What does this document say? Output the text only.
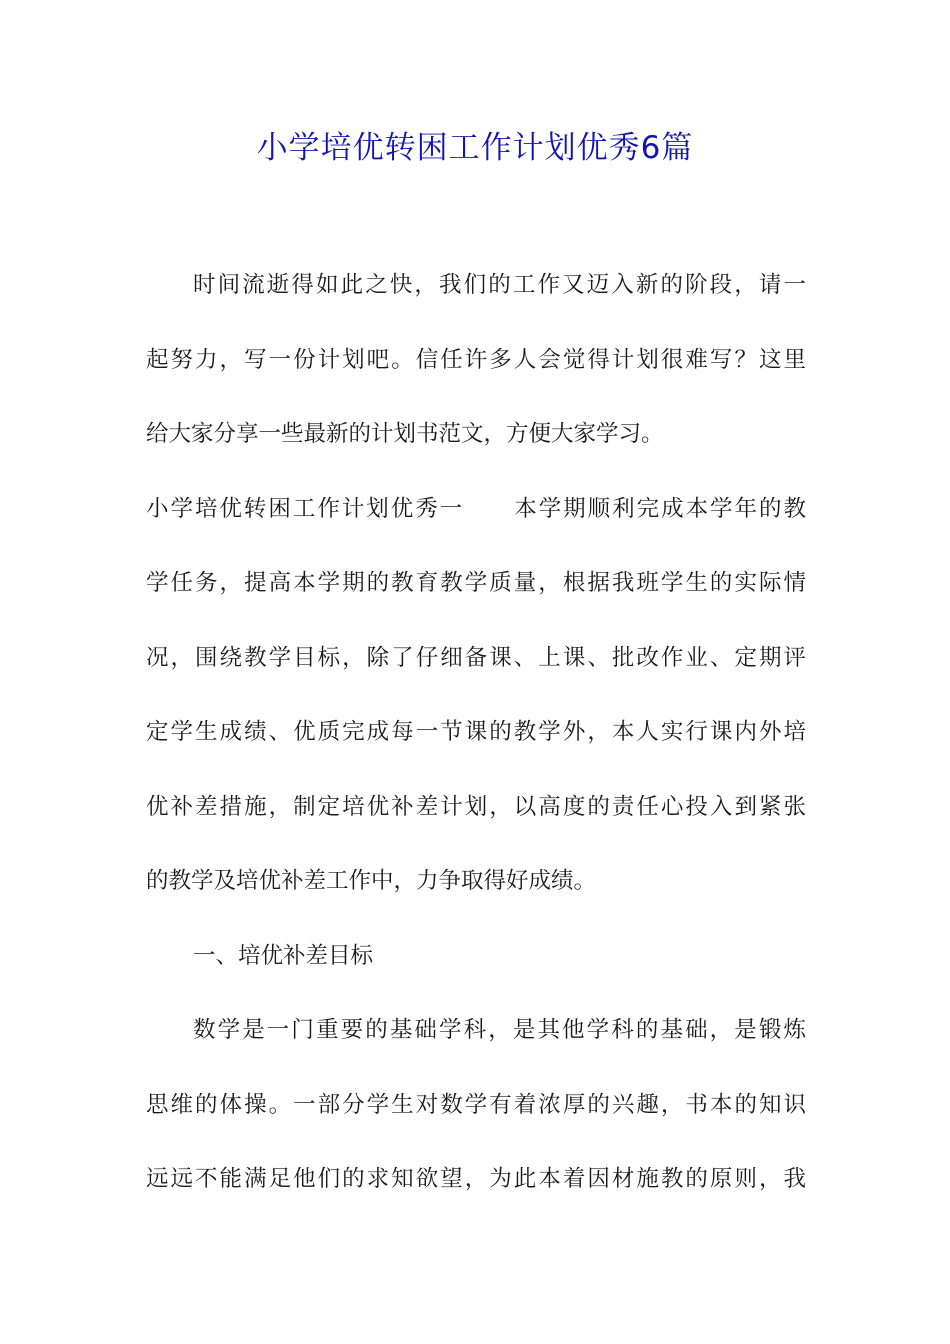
小学培优转困工作计划优秀6篇
时间流逝得如此之快，我们的工作又迈入新的阶段，请一
起努力，写一份计划吧。信任许多人会觉得计划很难写？这里
给大家分享一些最新的计划书范文，方便大家学习。
小学培优转困工作计划优秀一 本学期顺利完成本学年的教
学任务，提高本学期的教育教学质量，根据我班学生的实际情
况，围绕教学目标，除了仔细备课、上课、批改作业、定期评
定学生成绩、优质完成每一节课的教学外，本人实行课内外培
优补差措施，制定培优补差计划，以高度的责任心投入到紧张
的教学及培优补差工作中，力争取得好成绩。
一、培优补差目标
数学是一门重要的基础学科，是其他学科的基础，是锻炼
思维的体操。一部分学生对数学有着浓厚的兴趣，书本的知识
远远不能满足他们的求知欲望，为此本着因材施教的原则，我
